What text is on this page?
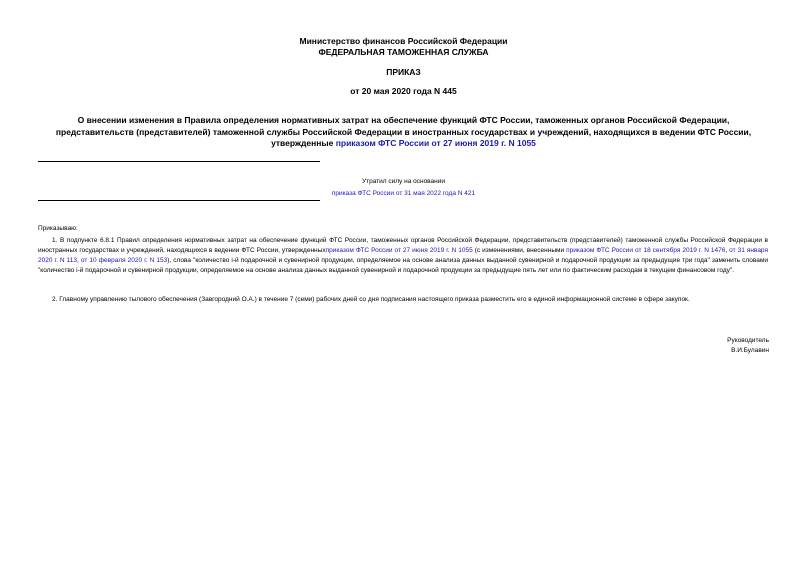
Министерство финансов Российской Федерации
ФЕДЕРАЛЬНАЯ ТАМОЖЕННАЯ СЛУЖБА
ПРИКАЗ
от 20 мая 2020 года N 445
О внесении изменения в Правила определения нормативных затрат на обеспечение функций ФТС России, таможенных органов Российской Федерации,
представительств (представителей) таможенной службы Российской Федерации в иностранных государствах и учреждений, находящихся в ведении ФТС России,
утвержденные приказом ФТС России от 27 июня 2019 г. N 1055
Утратил силу на основании
приказа ФТС России от 31 мая 2022 года N 421
Приказываю:
1. В подпункте 6.8.1 Правил определения нормативных затрат на обеспечение функций ФТС России, таможенных органов Российской Федерации, представительств (представителей) таможенной службы Российской Федерации в иностранных государствах и учреждений, находящихся в ведении ФТС России, утвержденныхприказом ФТС России от 27 июня 2019 г. N 1055 (с изменениями, внесенными приказом ФТС России от 18 сентября 2019 г. N 1476, от 31 января 2020 г. N 113, от 10 февраля 2020 г. N 153), слова "количество i-й подарочной и сувенирной продукции, определяемое на основе анализа данных выданной сувенирной и подарочной продукции за предыдущие три года" заменить словами "количество i-й подарочной и сувенирной продукции, определяемое на основе анализа данных выданной сувенирной и подарочной продукции за предыдущие пять лет или по фактическим расходам в текущем финансовом году".
2. Главному управлению тылового обеспечения (Завгородний О.А.) в течение 7 (семи) рабочих дней со дня подписания настоящего приказа разместить его в единой информационной системе в сфере закупок.
Руководитель
В.И.Булавин
